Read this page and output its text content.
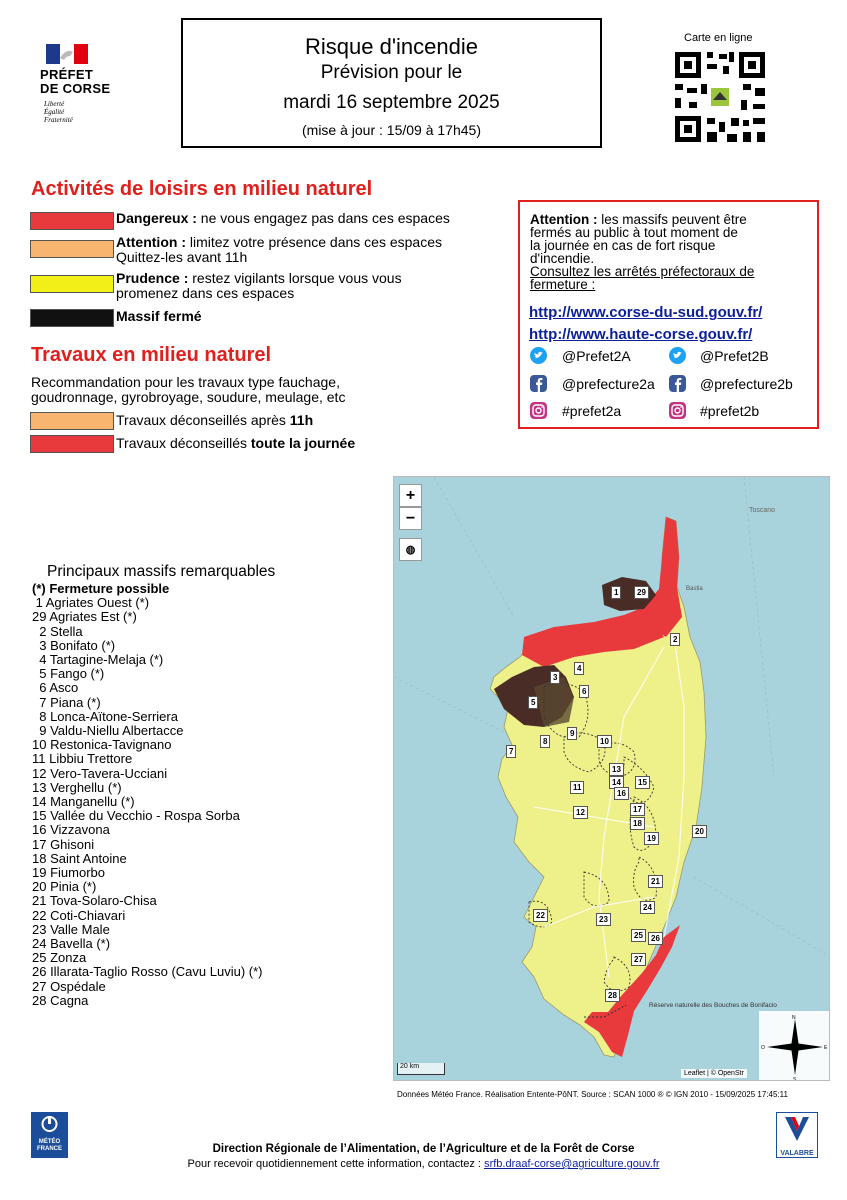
PRÉFET
DE CORSE
Liberté
Égalité
Fraternité
Risque d'incendie
Prévision pour le
mardi 16 septembre 2025
(mise à jour : 15/09 à 17h45)
Carte en ligne
Activités de loisirs en milieu naturel
Dangereux : ne vous engagez pas dans ces espaces
Attention : limitez votre présence dans ces espaces
Quittez-les avant 11h
Prudence : restez vigilants lorsque vous vous
promenez dans ces espaces
Massif fermé
Travaux en milieu naturel
Recommandation pour les travaux type fauchage,
goudronnage, gyrobroyage, soudure, meulage, etc
Travaux déconseillés après 11h
Travaux déconseillés toute la journée
Attention : les massifs peuvent être
fermés au public à tout moment de
la journée en cas de fort risque
d'incendie.
Consultez les arrêtés préfectoraux de
fermeture :
http://www.corse-du-sud.gouv.fr/
http://www.haute-corse.gouv.fr/
@Prefet2A	@Prefet2B
@prefecture2a	@prefecture2b
#prefet2a	#prefet2b
Principaux massifs remarquables
(*) Fermeture possible
1 Agriates Ouest (*)
29 Agriates Est (*)
2 Stella
3 Bonifato (*)
4 Tartagine-Melaja (*)
5 Fango (*)
6 Asco
7 Piana (*)
8 Lonca-Aïtone-Serriera
9 Valdu-Niellu Albertacce
10 Restonica-Tavignano
11 Libbiu Trettore
12 Vero-Tavera-Ucciani
13 Verghellu (*)
14 Manganellu (*)
15 Vallée du Vecchio - Rospa Sorba
16 Vizzavona
17 Ghisoni
18 Saint Antoine
19 Fiumorbo
20 Pinia (*)
21 Tova-Solaro-Chisa
22 Coti-Chiavari
23 Valle Male
24 Bavella (*)
25 Zonza
26 Illarata-Taglio Rosso (Cavu Luviu) (*)
27 Ospédale
28 Cagna
Toscano
Bastia
Réserve naturelle des Bouches de Bonifacio
+
−
◍
1	29
2
3
4
5
6
7
8
9
10
11
12
13
14	15
16
17
18
19
20
21
22	23
24
25	26
27
28
N
S
E
O
20 km
Leaflet | © OpenStr
Données Météo France. Réalisation Entente-PôNT. Source : SCAN 1000 ® © IGN 2010 - 15/09/2025 17:45:11
MÉTÉO
FRANCE	Direction Régionale de l’Alimentation, de l’Agriculture et de la Forêt de Corse
Pour recevoir quotidiennement cette information, contactez : srfb.draaf-corse@agriculture.gouv.fr
VALABRE
